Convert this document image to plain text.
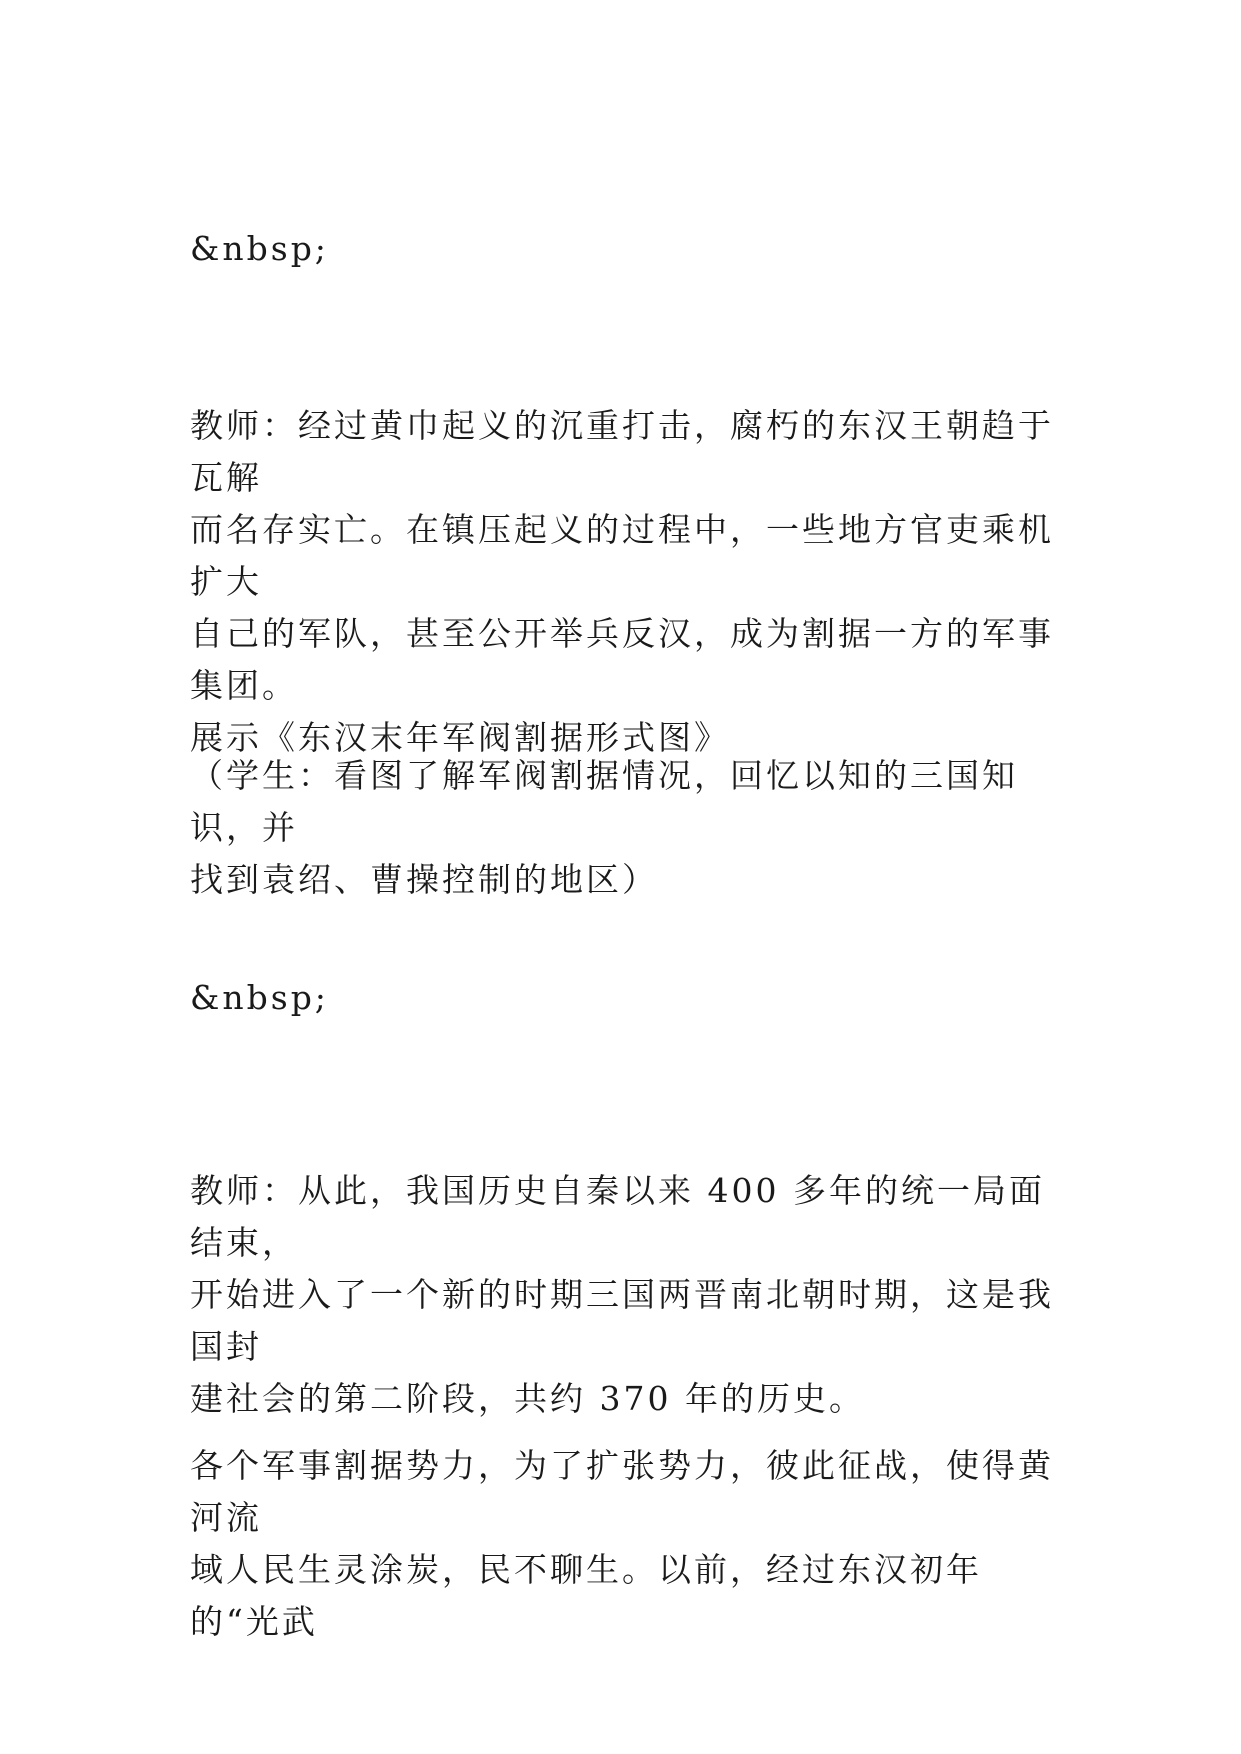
&nbsp;

教师：经过黄巾起义的沉重打击，腐朽的东汉王朝趋于瓦解
而名存实亡。在镇压起义的过程中，一些地方官吏乘机扩大
自己的军队，甚至公开举兵反汉，成为割据一方的军事集团。
展示《东汉末年军阀割据形式图》

（学生：看图了解军阀割据情况，回忆以知的三国知识，并
找到袁绍、曹操控制的地区）

&nbsp;

教师：从此，我国历史自秦以来 400 多年的统一局面结束，
开始进入了一个新的时期三国两晋南北朝时期，这是我国封
建社会的第二阶段，共约 370 年的历史。

各个军事割据势力，为了扩张势力，彼此征战，使得黄河流
域人民生灵涂炭，民不聊生。以前，经过东汉初年的“光武
